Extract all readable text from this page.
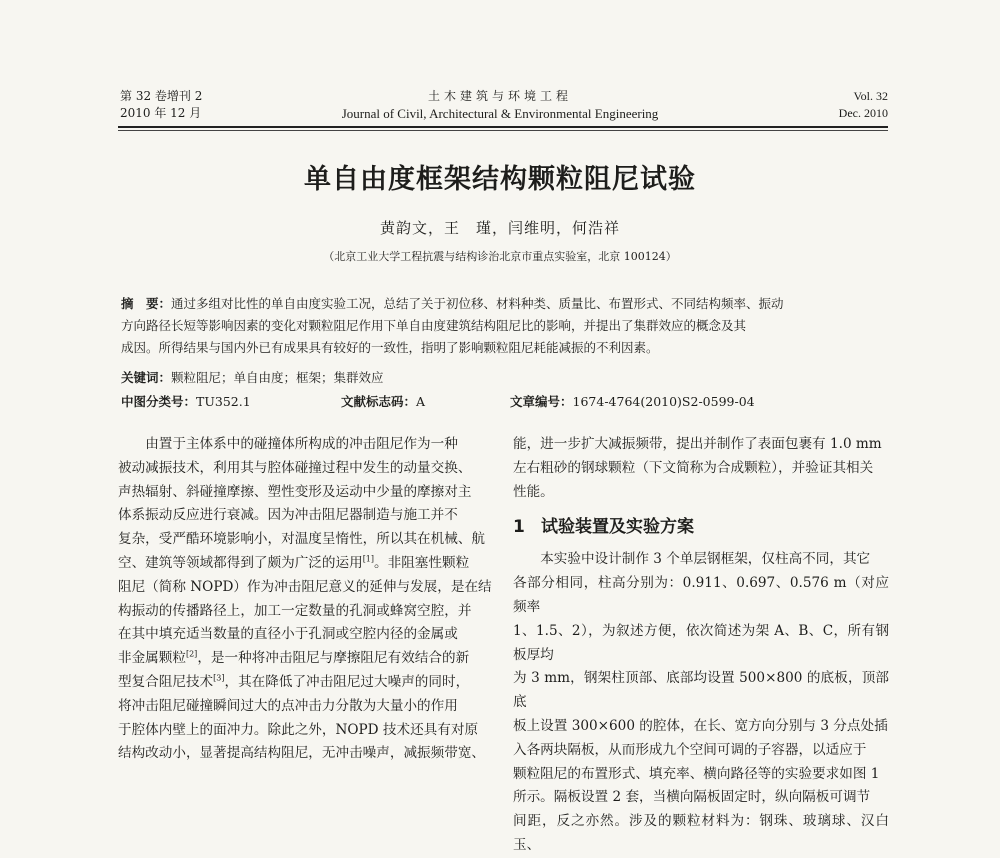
第 32 卷增刊 2
2010 年 12 月
土木建筑与环境工程
Journal of Civil, Architectural & Environmental Engineering
Vol. 32
Dec. 2010
单自由度框架结构颗粒阻尼试验
黄韵文，王　瑾，闫维明，何浩祥
（北京工业大学工程抗震与结构诊治北京市重点实验室，北京 100124）
摘　要：通过多组对比性的单自由度实验工况，总结了关于初位移、材料种类、质量比、布置形式、不同结构频率、振动
方向路径长短等影响因素的变化对颗粒阻尼作用下单自由度建筑结构阻尼比的影响，并提出了集群效应的概念及其
成因。所得结果与国内外已有成果具有较好的一致性，指明了影响颗粒阻尼耗能减振的不利因素。
关键词：颗粒阻尼；单自由度；框架；集群效应
中图分类号：TU352.1	文献标志码：A	文章编号：1674-4764(2010)S2-0599-04

由置于主体系中的碰撞体所构成的冲击阻尼作为一种

被动减振技术，利用其与腔体碰撞过程中发生的动量交换、

声热辐射、斜碰撞摩擦、塑性变形及运动中少量的摩擦对主

体系振动反应进行衰减。因为冲击阻尼器制造与施工并不

复杂，受严酷环境影响小，对温度呈惰性，所以其在机械、航

空、建筑等领域都得到了颇为广泛的运用[1]。非阻塞性颗粒

阻尼（简称 NOPD）作为冲击阻尼意义的延伸与发展，是在结

构振动的传播路径上，加工一定数量的孔洞或蜂窝空腔，并

在其中填充适当数量的直径小于孔洞或空腔内径的金属或

非金属颗粒[2]，是一种将冲击阻尼与摩擦阻尼有效结合的新

型复合阻尼技术[3]，其在降低了冲击阻尼过大噪声的同时，

将冲击阻尼碰撞瞬间过大的点冲击力分散为大量小的作用

于腔体内壁上的面冲力。除此之外，NOPD 技术还具有对原

结构改动小，显著提高结构阻尼，无冲击噪声，减振频带宽、

能，进一步扩大减振频带，提出并制作了表面包裹有 1.0 mm

左右粗砂的钢球颗粒（下文简称为合成颗粒），并验证其相关

性能。

1 试验装置及实验方案

本实验中设计制作 3 个单层钢框架，仅柱高不同，其它

各部分相同，柱高分别为：0.911、0.697、0.576 m（对应频率

1、1.5、2），为叙述方便，依次简述为架 A、B、C，所有钢板厚均

为 3 mm，钢架柱顶部、底部均设置 500×800 的底板，顶部底

板上设置 300×600 的腔体，在长、宽方向分别与 3 分点处插

入各两块隔板，从而形成九个空间可调的子容器，以适应于

颗粒阻尼的布置形式、填充率、横向路径等的实验要求如图 1

所示。隔板设置 2 套，当横向隔板固定时，纵向隔板可调节

间距，反之亦然。涉及的颗粒材料为：钢珠、玻璃球、汉白玉、
